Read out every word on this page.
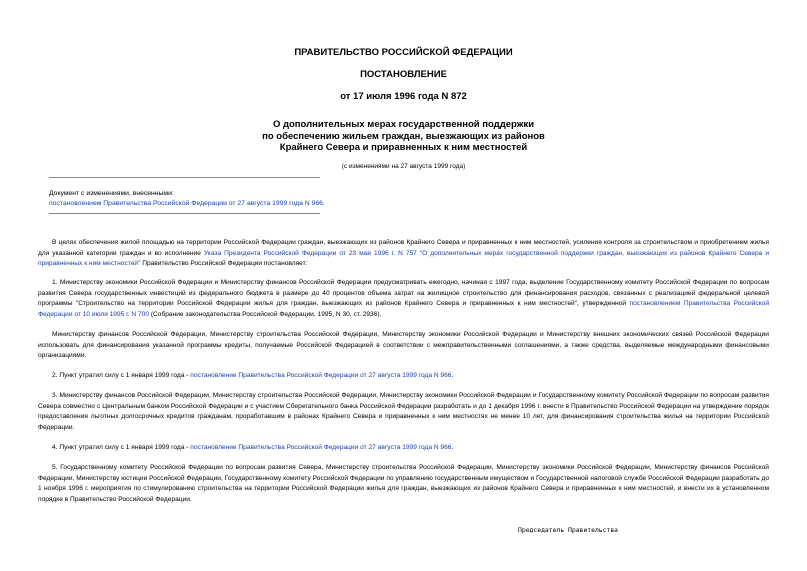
ПРАВИТЕЛЬСТВО РОССИЙСКОЙ ФЕДЕРАЦИИ
ПОСТАНОВЛЕНИЕ
от 17 июля 1996 года N 872
О дополнительных мерах государственной поддержки
по обеспечению жильем граждан, выезжающих из районов
Крайнего Севера и приравненных к ним местностей
(с изменениями на 27 августа 1999 года)
Документ с изменениями, внесенными:
постановлением Правительства Российской Федерации от 27 августа 1999 года N 966.
В целях обеспечения жилой площадью на территории Российской Федерации граждан, выезжающих из районов Крайнего Севера и приравненных к ним местностей, усиления контроля за строительством и приобретением жилья для указанной категории граждан и во исполнение Указа Президента Российской Федерации от 23 мая 1996 г. N 757 "О дополнительных мерах государственной поддержки граждан, выезжающих из районов Крайнего Севера и приравненных к ним местностей" Правительство Российской Федерации постановляет:
1. Министерству экономики Российской Федерации и Министерству финансов Российской Федерации предусматривать ежегодно, начиная с 1997 года, выделение Государственному комитету Российской Федерации по вопросам развития Севера государственных инвестиций из федерального бюджета в размере до 40 процентов объема затрат на жилищное строительство для финансирования расходов, связанных с реализацией федеральной целевой программы "Строительство на территории Российской Федерации жилья для граждан, выезжающих из районов Крайнего Севера и приравненных к ним местностей", утвержденной постановлением Правительства Российской Федерации от 10 июля 1995 г. N 700 (Собрание законодательства Российской Федерации, 1995, N 30, ст. 2936).
Министерству финансов Российской Федерации, Министерству строительства Российской Федерации, Министерству экономики Российской Федерации и Министерству внешних экономических связей Российской Федерации использовать для финансирования указанной программы кредиты, получаемые Российской Федерацией в соответствии с межправительственными соглашениями, а также средства, выделяемые международными финансовыми организациями.
2. Пункт утратил силу с 1 января 1999 года - постановление Правительства Российской Федерации от 27 августа 1999 года N 966.
3. Министерству финансов Российской Федерации, Министерству строительства Российской Федерации, Министерству экономики Российской Федерации и Государственному комитету Российской Федерации по вопросам развития Севера совместно с Центральным банком Российской Федерации и с участием Сберегательного банка Российской Федерации разработать и до 1 декабря 1996 г. внести в Правительство Российской Федерации на утверждение порядок предоставления льготных долгосрочных кредитов гражданам, проработавшим в районах Крайнего Севера и приравненных к ним местностях не менее 10 лет, для финансирования строительства жилья на территории Российской Федерации.
4. Пункт утратил силу с 1 января 1999 года - постановление Правительства Российской Федерации от 27 августа 1999 года N 966.
5. Государственному комитету Российской Федерации по вопросам развития Севера, Министерству строительства Российской Федерации, Министерству экономики Российской Федерации, Министерству финансов Российской Федерации, Министерству юстиции Российской Федерации, Государственному комитету Российской Федерации по управлению государственным имуществом и Государственной налоговой службе Российской Федерации разработать до 1 ноября 1996 г. мероприятия по стимулированию строительства на территории Российской Федерации жилья для граждан, выезжающих из районов Крайнего Севера и приравненных к ним местностей, и внести их в установленном порядке в Правительство Российской Федерации.
Председатель Правительства
